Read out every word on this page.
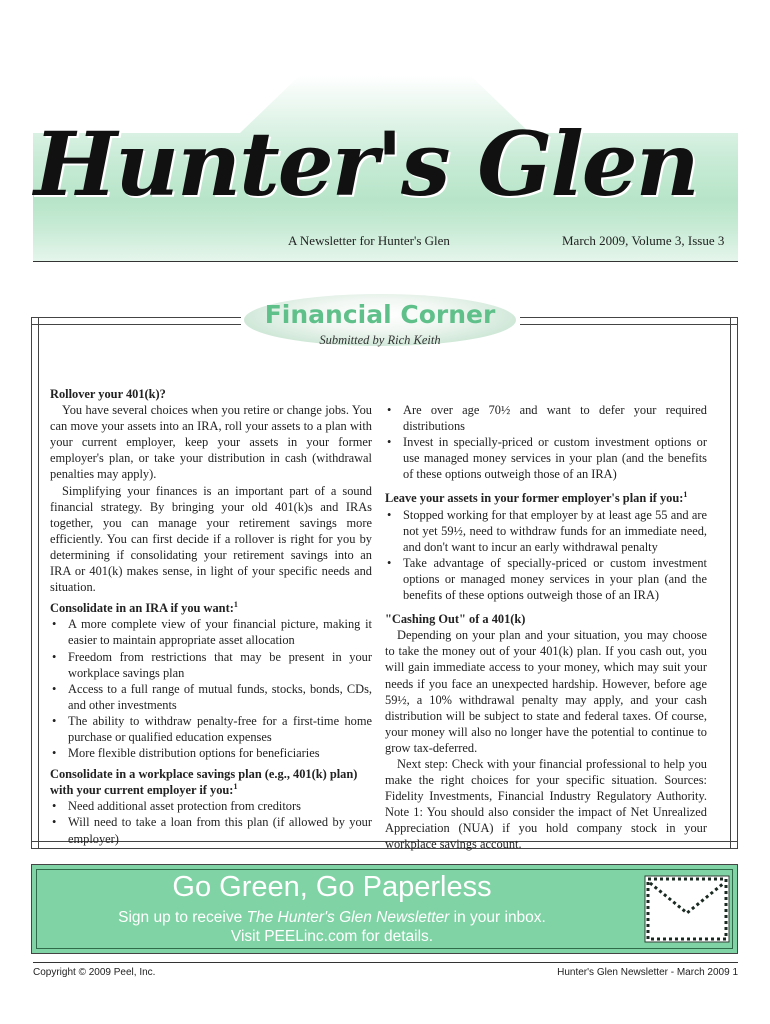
Hunter's Glen
A Newsletter for Hunter's Glen	March 2009, Volume 3, Issue 3
Financial Corner
Submitted by Rich Keith
Rollover your 401(k)?

You have several choices when you retire or change jobs. You can move your assets into an IRA, roll your assets to a plan with your current employer, keep your assets in your former employer's plan, or take your distribution in cash (withdrawal penalties may apply).

Simplifying your finances is an important part of a sound financial strategy. By bringing your old 401(k)s and IRAs together, you can manage your retirement savings more efficiently. You can first decide if a rollover is right for you by determining if consolidating your retirement savings into an IRA or 401(k) makes sense, in light of your specific needs and situation.

Consolidate in an IRA if you want:$^1$
• A more complete view of your financial picture, making it easier to maintain appropriate asset allocation
• Freedom from restrictions that may be present in your workplace savings plan
• Access to a full range of mutual funds, stocks, bonds, CDs, and other investments
• The ability to withdraw penalty-free for a first-time home purchase or qualified education expenses
• More flexible distribution options for beneficiaries
Consolidate in a workplace savings plan (e.g., 401(k) plan) with your current employer if you:$^1$
• Need additional asset protection from creditors
• Will need to take a loan from this plan (if allowed by your employer)
• Are over age 70½ and want to defer your required distributions
• Invest in specially-priced or custom investment options or use managed money services in your plan (and the benefits of these options outweigh those of an IRA)
Leave your assets in your former employer's plan if you:$^1$
• Stopped working for that employer by at least age 55 and are not yet 59½, need to withdraw funds for an immediate need, and don't want to incur an early withdrawal penalty
• Take advantage of specially-priced or custom investment options or managed money services in your plan (and the benefits of these options outweigh those of an IRA)
"Cashing Out" of a 401(k)

Depending on your plan and your situation, you may choose to take the money out of your 401(k) plan. If you cash out, you will gain immediate access to your money, which may suit your needs if you face an unexpected hardship. However, before age 59½, a 10% withdrawal penalty may apply, and your cash distribution will be subject to state and federal taxes. Of course, your money will also no longer have the potential to continue to grow tax-deferred.

Next step: Check with your financial professional to help you make the right choices for your specific situation. Sources: Fidelity Investments, Financial Industry Regulatory Authority. Note 1: You should also consider the impact of Net Unrealized Appreciation (NUA) if you hold company stock in your workplace savings account.

Go Green, Go Paperless
Sign up to receive The Hunter's Glen Newsletter in your inbox.
Visit PEELinc.com for details.
Copyright © 2009 Peel, Inc.	Hunter's Glen Newsletter - March 2009 1
